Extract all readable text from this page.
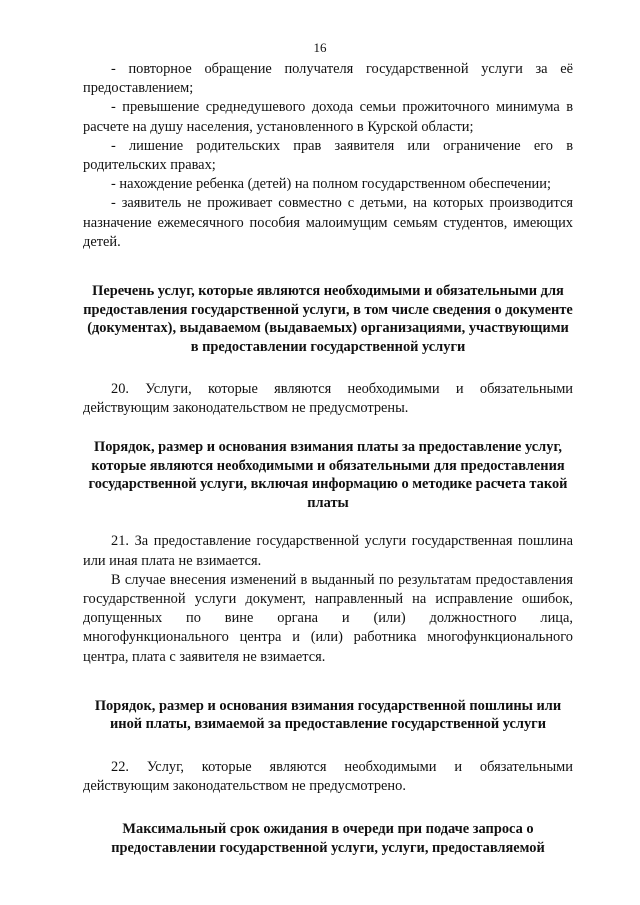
16

- повторное обращение получателя государственной услуги за её предоставлением;

- превышение среднедушевого дохода семьи прожиточного минимума в расчете на душу населения, установленного в Курской области;

- лишение родительских прав заявителя или ограничение его в родительских правах;

- нахождение ребенка (детей) на полном государственном обеспечении;

- заявитель не проживает совместно с детьми, на которых производится назначение ежемесячного пособия малоимущим семьям студентов, имеющих детей.

Перечень услуг, которые являются необходимыми и обязательными для предоставления государственной услуги, в том числе сведения о документе (документах), выдаваемом (выдаваемых) организациями, участвующими в предоставлении государственной услуги

20. Услуги, которые являются необходимыми и обязательными действующим законодательством не предусмотрены.

Порядок, размер и основания взимания платы за предоставление услуг, которые являются необходимыми и обязательными для предоставления государственной услуги, включая информацию о методике расчета такой платы

21. За предоставление государственной услуги государственная пошлина или иная плата не взимается.

В случае внесения изменений в выданный по результатам предоставления государственной услуги документ, направленный на исправление ошибок, допущенных по вине органа и (или) должностного лица, многофункционального центра и (или) работника многофункционального центра, плата с заявителя не взимается.

Порядок, размер и основания взимания государственной пошлины или иной платы, взимаемой за предоставление государственной услуги

22. Услуг, которые являются необходимыми и обязательными действующим законодательством не предусмотрено.

Максимальный срок ожидания в очереди при подаче запроса о предоставлении государственной услуги, услуги, предоставляемой
